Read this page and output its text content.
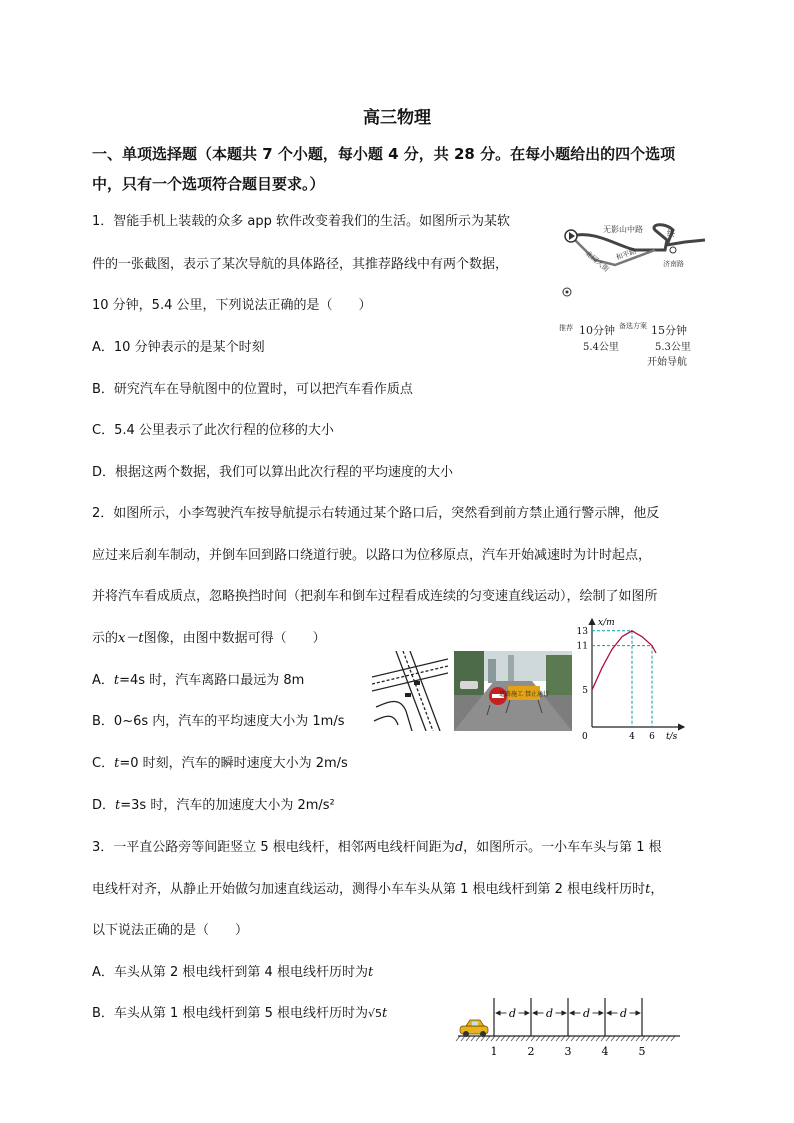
高三物理
一、单项选择题（本题共 7 个小题，每小题 4 分，共 28 分。在每小题给出的四个选项
中，只有一个选项符合题目要求。）
1．智能手机上装载的众多 app 软件改变着我们的生活。如图所示为某软
件的一张截图，表示了某次导航的具体路径，其推荐路线中有两个数据，
10 分钟，5.4 公里，下列说法正确的是（　　）
A．10 分钟表示的是某个时刻
B．研究汽车在导航图中的位置时，可以把汽车看作质点
C．5.4 公里表示了此次行程的位移的大小
D．根据这两个数据，我们可以算出此次行程的平均速度的大小
无影山中路
北园大街 和平路
济南路
终
推荐 10分钟
5.4公里
备选方案 15分钟
5.3公里
开始导航
2．如图所示，小李驾驶汽车按导航提示右转通过某个路口后，突然看到前方禁止通行警示牌，他反
应过来后刹车制动，并倒车回到路口绕道行驶。以路口为位移原点，汽车开始减速时为计时起点，
并将汽车看成质点，忽略换挡时间（把刹车和倒车过程看成连续的匀变速直线运动），绘制了如图所
示的x－t图像，由图中数据可得（　　）
A．t=4s 时，汽车离路口最远为 8m
B．0~6s 内，汽车的平均速度大小为 1m/s
C．t=0 时刻，汽车的瞬时速度大小为 2m/s
D．t=3s 时，汽车的加速度大小为 2m/s²
道路施工 禁止通行
x/m
t/s
0
5
11
13
4 6
3．一平直公路旁等间距竖立 5 根电线杆，相邻两电线杆间距为d，如图所示。一小车车头与第 1 根
电线杆对齐，从静止开始做匀加速直线运动，测得小车车头从第 1 根电线杆到第 2 根电线杆历时t，
以下说法正确的是（　　）
A．车头从第 2 根电线杆到第 4 根电线杆历时为t
B．车头从第 1 根电线杆到第 5 根电线杆历时为√5t
1
d
2
d
3
d
4
d
5
